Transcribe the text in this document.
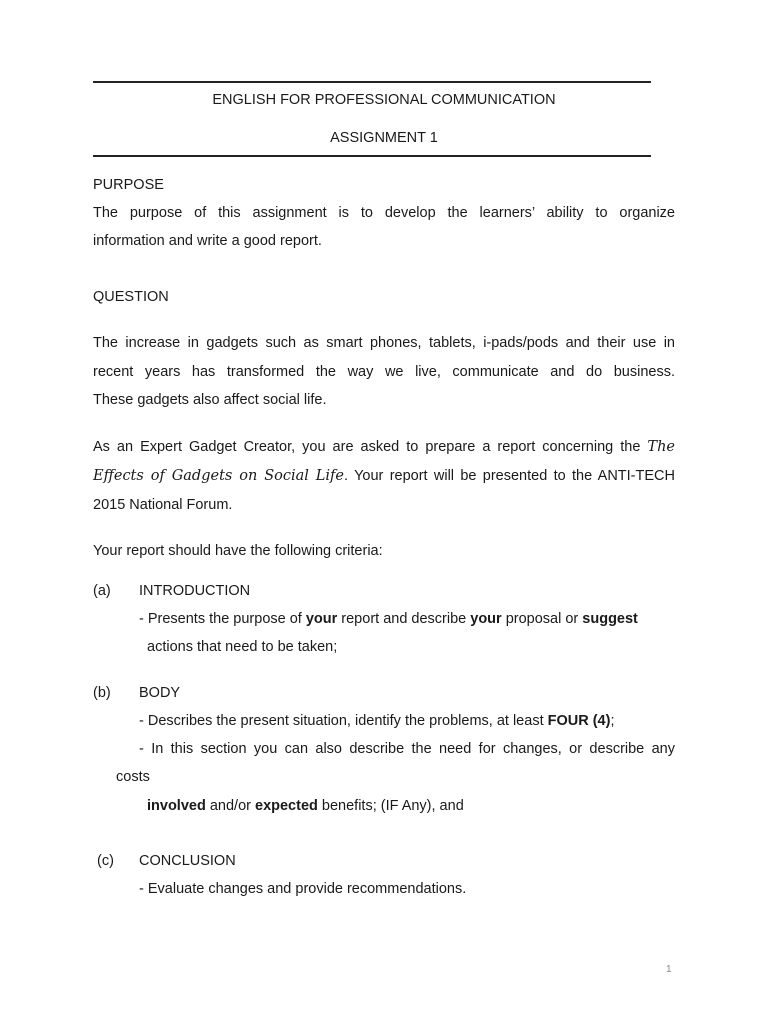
ENGLISH FOR PROFESSIONAL COMMUNICATION
ASSIGNMENT 1
PURPOSE
The purpose of this assignment is to develop the learners’ ability to organize
information and write a good report.
QUESTION
The increase in gadgets such as smart phones, tablets, i-pads/pods and their use in
recent years has transformed the way we live, communicate and do business.
These gadgets also affect social life.
As an Expert Gadget Creator, you are asked to prepare a report concerning the The
Effects of Gadgets on Social Life. Your report will be presented to the ANTI-TECH
2015 National Forum.
Your report should have the following criteria:
(a) INTRODUCTION
- Presents the purpose of your report and describe your proposal or suggest
actions that need to be taken;
(b) BODY
- Describes the present situation, identify the problems, at least FOUR (4);
- In this section you can also describe the need for changes, or describe any
costs
involved and/or expected benefits; (IF Any), and
(c) CONCLUSION
- Evaluate changes and provide recommendations.
1
